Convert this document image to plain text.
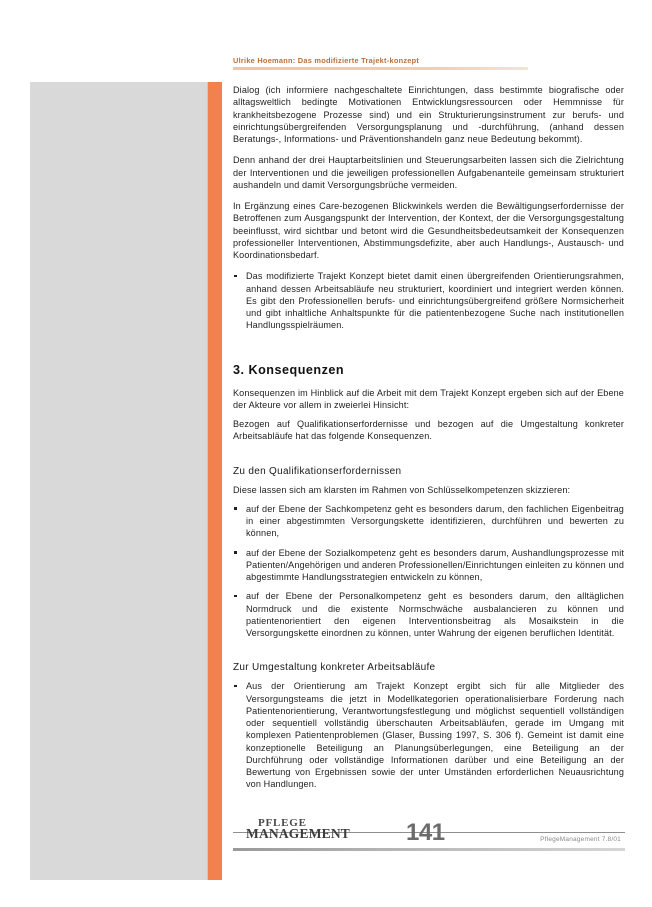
Ulrike Hoemann: Das modifizierte Trajekt-konzept

Dialog (ich informiere nachgeschaltete Einrichtungen, dass bestimmte biografische oder alltagsweltlich bedingte Motivationen Entwicklungsressourcen oder Hemmnisse für krankheitsbezogene Prozesse sind) und ein Strukturierungsinstrument zur berufs- und einrichtungsübergreifenden Versorgungsplanung und -durchführung, (anhand dessen Beratungs-, Informations- und Präventionshandeln ganz neue Bedeutung bekommt).

Denn anhand der drei Hauptarbeitslinien und Steuerungsarbeiten lassen sich die Zielrichtung der Interventionen und die jeweiligen professionellen Aufgabenanteile gemeinsam strukturiert aushandeln und damit Versorgungsbrüche vermeiden.

In Ergänzung eines Care-bezogenen Blickwinkels werden die Bewältigungserfordernisse der Betroffenen zum Ausgangspunkt der Intervention, der Kontext, der die Versorgungsgestaltung beeinflusst, wird sichtbar und betont wird die Gesundheitsbedeutsamkeit der Konsequenzen professioneller Interventionen, Abstimmungsdefizite, aber auch Handlungs-, Austausch- und Koordinationsbedarf.

Das modifizierte Trajekt Konzept bietet damit einen übergreifenden Orientierungsrahmen, anhand dessen Arbeitsabläufe neu strukturiert, koordiniert und integriert werden können. Es gibt den Professionellen berufs- und einrichtungsübergreifend größere Normsicherheit und gibt inhaltliche Anhaltspunkte für die patientenbezogene Suche nach institutionellen Handlungsspielräumen.
3. Konsequenzen

Konsequenzen im Hinblick auf die Arbeit mit dem Trajekt Konzept ergeben sich auf der Ebene der Akteure vor allem in zweierlei Hinsicht:

Bezogen auf Qualifikationserfordernisse und bezogen auf die Umgestaltung konkreter Arbeitsabläufe hat das folgende Konsequenzen.

Zu den Qualifikationserfordernissen

Diese lassen sich am klarsten im Rahmen von Schlüsselkompetenzen skizzieren:

auf der Ebene der Sachkompetenz geht es besonders darum, den fachlichen Eigenbeitrag in einer abgestimmten Versorgungskette identifizieren, durchführen und bewerten zu können,
auf der Ebene der Sozialkompetenz geht es besonders darum, Aushandlungsprozesse mit Patienten/Angehörigen und anderen Professionellen/Einrichtungen einleiten zu können und abgestimmte Handlungsstrategien entwickeln zu können,
auf der Ebene der Personalkompetenz geht es besonders darum, den alltäglichen Normdruck und die existente Normschwäche ausbalancieren zu können und patientenorientiert den eigenen Interventionsbeitrag als Mosaikstein in die Versorgungskette einordnen zu können, unter Wahrung der eigenen beruflichen Identität.
Zur Umgestaltung konkreter Arbeitsabläufe
Aus der Orientierung am Trajekt Konzept ergibt sich für alle Mitglieder des Versorgungsteams die jetzt in Modellkategorien operationalisierbare Forderung nach Patientenorientierung, Verantwortungsfestlegung und möglichst sequentiell vollständigen oder sequentiell vollständig überschauten Arbeitsabläufen, gerade im Umgang mit komplexen Patientenproblemen (Glaser, Bussing 1997, S. 306 f). Gemeint ist damit eine konzeptionelle Beteiligung an Planungsüberlegungen, eine Beteiligung an der Durchführung oder vollständige Informationen darüber und eine Beteiligung an der Bewertung von Ergebnissen sowie der unter Umständen erforderlichen Neuausrichtung von Handlungen.
PFLEGE
MANAGEMENT 141	PflegeManagement 7.8/01
